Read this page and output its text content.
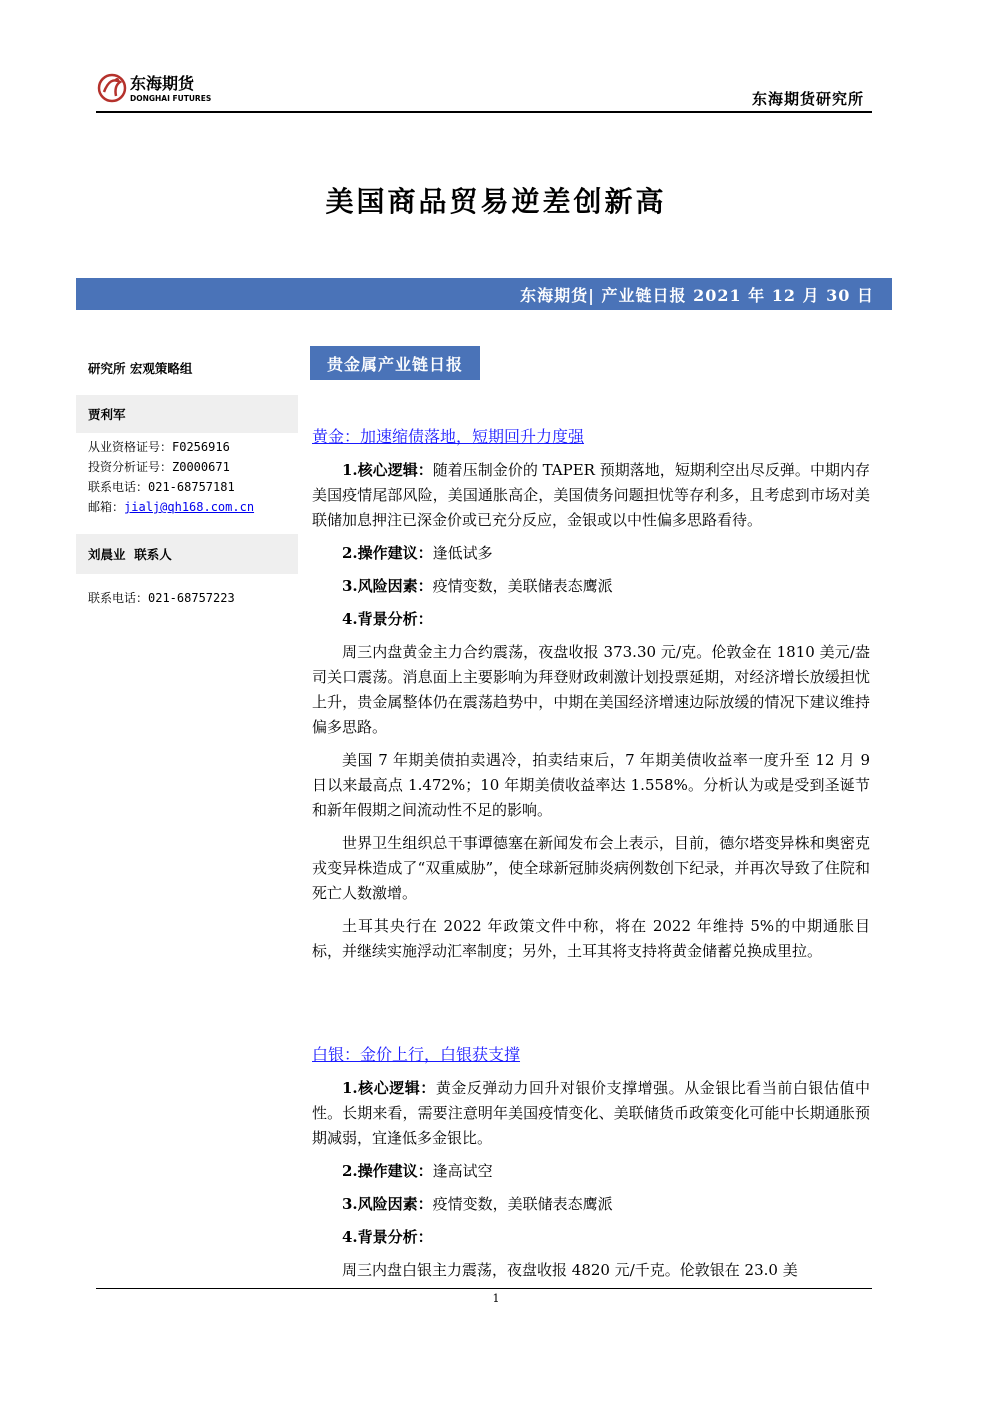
东海期货
DONGHAI FUTURES	东海期货研究所
美国商品贸易逆差创新高
东海期货| 产业链日报 2021 年 12 月 30 日
研究所 宏观策略组
贾利军
从业资格证号：F0256916
投资分析证号：Z0000671
联系电话：021-68757181
邮箱：jialj@qh168.com.cn
刘晨业  联系人
联系电话：021-68757223
贵金属产业链日报
黄金：加速缩债落地，短期回升力度强

1.核心逻辑：随着压制金价的 TAPER 预期落地，短期利空出尽反弹。中期内存美国疫情尾部风险，美国通胀高企，美国债务问题担忧等存利多，且考虑到市场对美联储加息押注已深金价或已充分反应，金银或以中性偏多思路看待。

2.操作建议：逢低试多

3.风险因素：疫情变数，美联储表态鹰派

4.背景分析：

周三内盘黄金主力合约震荡，夜盘收报 373.30 元/克。伦敦金在 1810 美元/盎司关口震荡。消息面上主要影响为拜登财政刺激计划投票延期，对经济增长放缓担忧上升，贵金属整体仍在震荡趋势中，中期在美国经济增速边际放缓的情况下建议维持偏多思路。

美国 7 年期美债拍卖遇冷，拍卖结束后，7 年期美债收益率一度升至 12 月 9 日以来最高点 1.472%；10 年期美债收益率达 1.558%。分析认为或是受到圣诞节和新年假期之间流动性不足的影响。

世界卫生组织总干事谭德塞在新闻发布会上表示，目前，德尔塔变异株和奥密克戎变异株造成了“双重威胁”，使全球新冠肺炎病例数创下纪录，并再次导致了住院和死亡人数激增。

土耳其央行在 2022 年政策文件中称，将在 2022 年维持 5%的中期通胀目标，并继续实施浮动汇率制度；另外，土耳其将支持将黄金储蓄兑换成里拉。

白银：金价上行，白银获支撑

1.核心逻辑：黄金反弹动力回升对银价支撑增强。从金银比看当前白银估值中性。长期来看，需要注意明年美国疫情变化、美联储货币政策变化可能中长期通胀预期减弱，宜逢低多金银比。

2.操作建议：逢高试空

3.风险因素：疫情变数，美联储表态鹰派

4.背景分析：

周三内盘白银主力震荡，夜盘收报 4820 元/千克。伦敦银在 23.0 美

1
